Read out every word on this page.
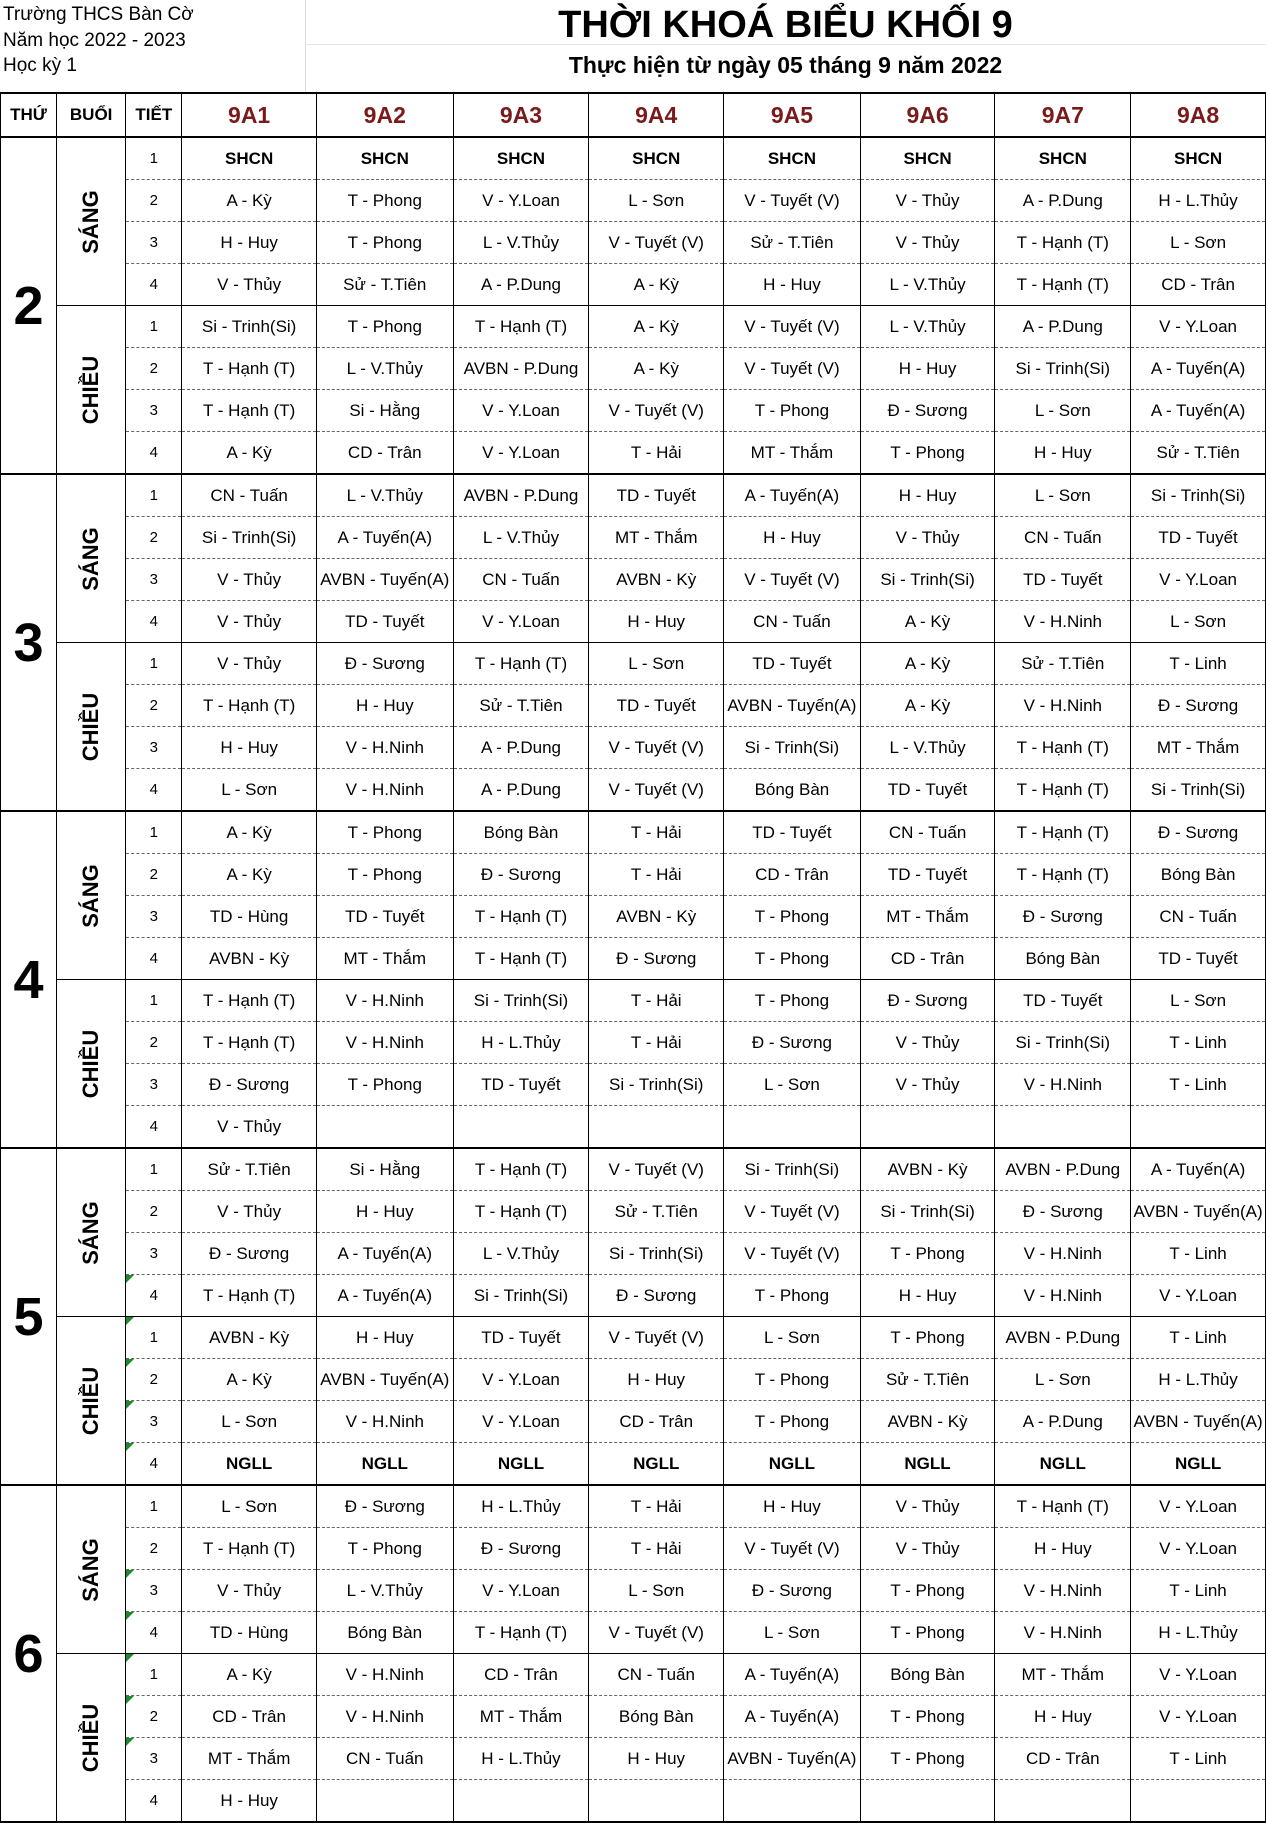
Trường THCS Bàn Cờ
Năm học 2022 - 2023
Học kỳ 1
THỜI KHOÁ BIỂU KHỐI 9
Thực hiện từ ngày 05 tháng 9 năm 2022
THỨ	BUỔI	TIẾT	9A1	9A2	9A3	9A4	9A5	9A6	9A7	9A8
2	SÁNG	1	SHCN	SHCN	SHCN	SHCN	SHCN	SHCN	SHCN	SHCN
		2	A - Kỳ	T - Phong	V - Y.Loan	L - Sơn	V - Tuyết (V)	V - Thủy	A - P.Dung	H - L.Thủy
		3	H - Huy	T - Phong	L - V.Thủy	V - Tuyết (V)	Sử - T.Tiên	V - Thủy	T - Hạnh (T)	L - Sơn
		4	V - Thủy	Sử - T.Tiên	A - P.Dung	A - Kỳ	H - Huy	L - V.Thủy	T - Hạnh (T)	CD - Trân
	CHIỀU	1	Si - Trinh(Si)	T - Phong	T - Hạnh (T)	A - Kỳ	V - Tuyết (V)	L - V.Thủy	A - P.Dung	V - Y.Loan
		2	T - Hạnh (T)	L - V.Thủy	AVBN - P.Dung	A - Kỳ	V - Tuyết (V)	H - Huy	Si - Trinh(Si)	A - Tuyến(A)
		3	T - Hạnh (T)	Si - Hằng	V - Y.Loan	V - Tuyết (V)	T - Phong	Đ - Sương	L - Sơn	A - Tuyến(A)
		4	A - Kỳ	CD - Trân	V - Y.Loan	T - Hải	MT - Thắm	T - Phong	H - Huy	Sử - T.Tiên
3	SÁNG	1	CN - Tuấn	L - V.Thủy	AVBN - P.Dung	TD - Tuyết	A - Tuyến(A)	H - Huy	L - Sơn	Si - Trinh(Si)
		2	Si - Trinh(Si)	A - Tuyến(A)	L - V.Thủy	MT - Thắm	H - Huy	V - Thủy	CN - Tuấn	TD - Tuyết
		3	V - Thủy	AVBN - Tuyến(A)	CN - Tuấn	AVBN - Kỳ	V - Tuyết (V)	Si - Trinh(Si)	TD - Tuyết	V - Y.Loan
		4	V - Thủy	TD - Tuyết	V - Y.Loan	H - Huy	CN - Tuấn	A - Kỳ	V - H.Ninh	L - Sơn
	CHIỀU	1	V - Thủy	Đ - Sương	T - Hạnh (T)	L - Sơn	TD - Tuyết	A - Kỳ	Sử - T.Tiên	T - Linh
		2	T - Hạnh (T)	H - Huy	Sử - T.Tiên	TD - Tuyết	AVBN - Tuyến(A)	A - Kỳ	V - H.Ninh	Đ - Sương
		3	H - Huy	V - H.Ninh	A - P.Dung	V - Tuyết (V)	Si - Trinh(Si)	L - V.Thủy	T - Hạnh (T)	MT - Thắm
		4	L - Sơn	V - H.Ninh	A - P.Dung	V - Tuyết (V)	Bóng Bàn	TD - Tuyết	T - Hạnh (T)	Si - Trinh(Si)
4	SÁNG	1	A - Kỳ	T - Phong	Bóng Bàn	T - Hải	TD - Tuyết	CN - Tuấn	T - Hạnh (T)	Đ - Sương
		2	A - Kỳ	T - Phong	Đ - Sương	T - Hải	CD - Trân	TD - Tuyết	T - Hạnh (T)	Bóng Bàn
		3	TD - Hùng	TD - Tuyết	T - Hạnh (T)	AVBN - Kỳ	T - Phong	MT - Thắm	Đ - Sương	CN - Tuấn
		4	AVBN - Kỳ	MT - Thắm	T - Hạnh (T)	Đ - Sương	T - Phong	CD - Trân	Bóng Bàn	TD - Tuyết
	CHIỀU	1	T - Hạnh (T)	V - H.Ninh	Si - Trinh(Si)	T - Hải	T - Phong	Đ - Sương	TD - Tuyết	L - Sơn
		2	T - Hạnh (T)	V - H.Ninh	H - L.Thủy	T - Hải	Đ - Sương	V - Thủy	Si - Trinh(Si)	T - Linh
		3	Đ - Sương	T - Phong	TD - Tuyết	Si - Trinh(Si)	L - Sơn	V - Thủy	V - H.Ninh	T - Linh
		4	V - Thủy							
5	SÁNG	1	Sử - T.Tiên	Si - Hằng	T - Hạnh (T)	V - Tuyết (V)	Si - Trinh(Si)	AVBN - Kỳ	AVBN - P.Dung	A - Tuyến(A)
		2	V - Thủy	H - Huy	T - Hạnh (T)	Sử - T.Tiên	V - Tuyết (V)	Si - Trinh(Si)	Đ - Sương	AVBN - Tuyến(A)
		3	Đ - Sương	A - Tuyến(A)	L - V.Thủy	Si - Trinh(Si)	V - Tuyết (V)	T - Phong	V - H.Ninh	T - Linh

4	T - Hạnh (T)	A - Tuyến(A)	Si - Trinh(Si)	Đ - Sương	T - Phong	H - Huy	V - H.Ninh	V - Y.Loan
	CHIỀU	1	AVBN - Kỳ	H - Huy	TD - Tuyết	V - Tuyết (V)	L - Sơn	T - Phong	AVBN - P.Dung	T - Linh

2	A - Kỳ	AVBN - Tuyến(A)	V - Y.Loan	H - Huy	T - Phong	Sử - T.Tiên	L - Sơn	H - L.Thủy

3	L - Sơn	V - H.Ninh	V - Y.Loan	CD - Trân	T - Phong	AVBN - Kỳ	A - P.Dung	AVBN - Tuyến(A)

4	NGLL	NGLL	NGLL	NGLL	NGLL	NGLL	NGLL	NGLL
6	SÁNG	1	L - Sơn	Đ - Sương	H - L.Thủy	T - Hải	H - Huy	V - Thủy	T - Hạnh (T)	V - Y.Loan
		2	T - Hạnh (T)	T - Phong	Đ - Sương	T - Hải	V - Tuyết (V)	V - Thủy	H - Huy	V - Y.Loan

3	V - Thủy	L - V.Thủy	V - Y.Loan	L - Sơn	Đ - Sương	T - Phong	V - H.Ninh	T - Linh

4	TD - Hùng	Bóng Bàn	T - Hạnh (T)	V - Tuyết (V)	L - Sơn	T - Phong	V - H.Ninh	H - L.Thủy
	CHIỀU	1	A - Kỳ	V - H.Ninh	CD - Trân	CN - Tuấn	A - Tuyến(A)	Bóng Bàn	MT - Thắm	V - Y.Loan

2	CD - Trân	V - H.Ninh	MT - Thắm	Bóng Bàn	A - Tuyến(A)	T - Phong	H - Huy	V - Y.Loan

3	MT - Thắm	CN - Tuấn	H - L.Thủy	H - Huy	AVBN - Tuyến(A)	T - Phong	CD - Trân	T - Linh
		4	H - Huy							
